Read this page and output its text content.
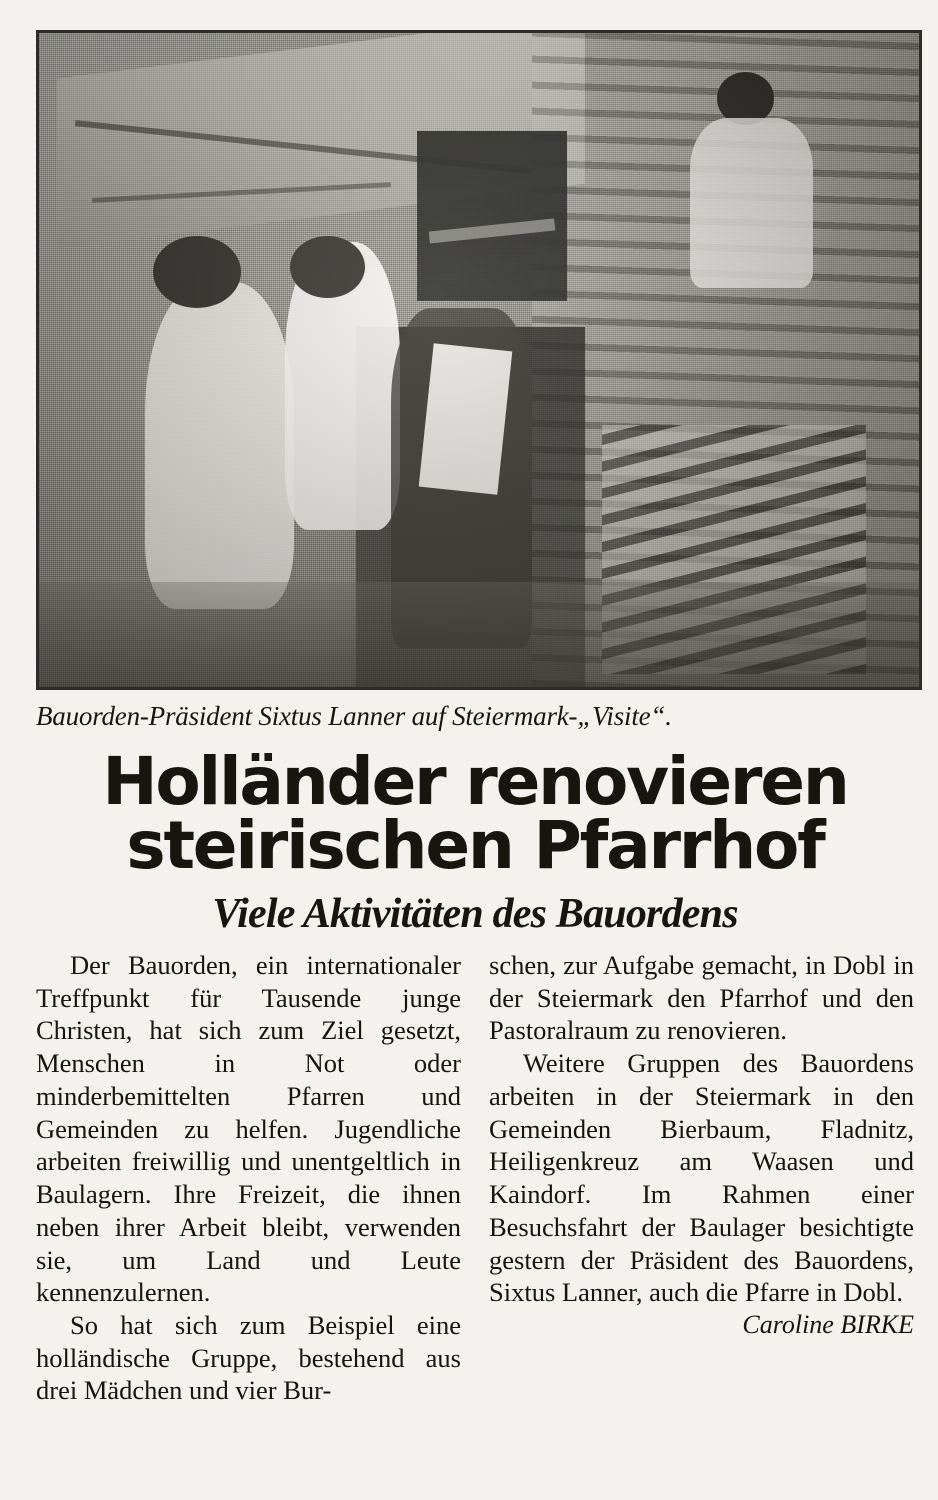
Bauorden-Präsident Sixtus Lanner auf Steiermark-„Visite“.
Holländer renovieren
steirischen Pfarrhof
Viele Aktivitäten des Bauordens

Der Bauorden, ein internationaler Treffpunkt für Tausende junge Christen, hat sich zum Ziel gesetzt, Menschen in Not oder minderbemittelten Pfarren und Gemeinden zu helfen. Jugendliche arbeiten freiwillig und unentgeltlich in Baulagern. Ihre Freizeit, die ihnen neben ihrer Arbeit bleibt, verwenden sie, um Land und Leute kennenzulernen.

So hat sich zum Beispiel eine holländische Gruppe, bestehend aus drei Mädchen und vier Bur-

schen, zur Aufgabe gemacht, in Dobl in der Steiermark den Pfarrhof und den Pastoralraum zu renovieren.

Weitere Gruppen des Bauordens arbeiten in der Steiermark in den Gemeinden Bierbaum, Fladnitz, Heiligenkreuz am Waasen und Kaindorf. Im Rahmen einer Besuchsfahrt der Baulager besichtigte gestern der Präsident des Bauordens, Sixtus Lanner, auch die Pfarre in Dobl.

Caroline BIRKE
